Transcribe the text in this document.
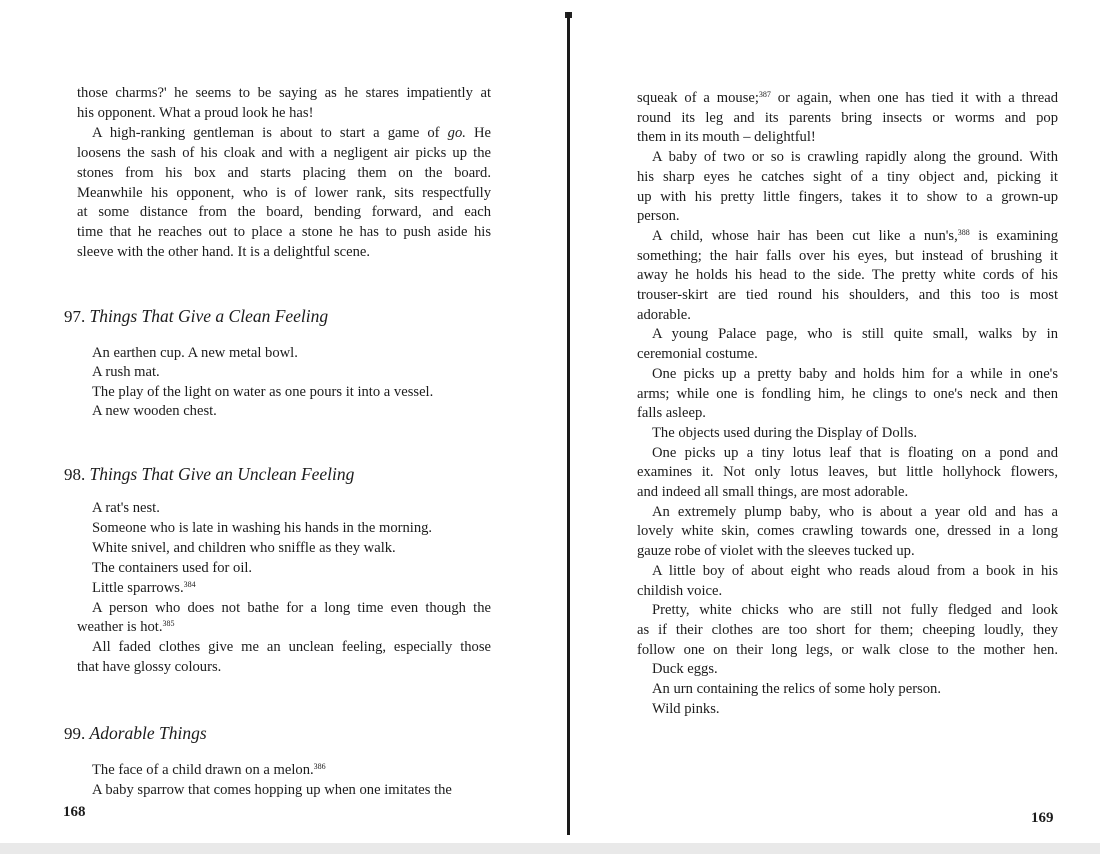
those charms?' he seems to be saying as he stares impatiently at
his opponent. What a proud look he has!
A high-ranking gentleman is about to start a game of go. He
loosens the sash of his cloak and with a negligent air picks up the
stones from his box and starts placing them on the board.
Meanwhile his opponent, who is of lower rank, sits respectfully
at some distance from the board, bending forward, and each
time that he reaches out to place a stone he has to push aside his
sleeve with the other hand. It is a delightful scene.
97. Things That Give a Clean Feeling
An earthen cup. A new metal bowl.
A rush mat.
The play of the light on water as one pours it into a vessel.
A new wooden chest.
98. Things That Give an Unclean Feeling
A rat's nest.
Someone who is late in washing his hands in the morning.
White snivel, and children who sniffle as they walk.
The containers used for oil.
Little sparrows.$^{384}$
A person who does not bathe for a long time even though the
weather is hot.$^{385}$
All faded clothes give me an unclean feeling, especially those
that have glossy colours.
99. Adorable Things
The face of a child drawn on a melon.$^{386}$
A baby sparrow that comes hopping up when one imitates the
squeak of a mouse;$^{387}$ or again, when one has tied it with a thread
round its leg and its parents bring insects or worms and pop
them in its mouth – delightful!
A baby of two or so is crawling rapidly along the ground. With
his sharp eyes he catches sight of a tiny object and, picking it
up with his pretty little fingers, takes it to show to a grown-up
person.
A child, whose hair has been cut like a nun's,$^{388}$ is examining
something; the hair falls over his eyes, but instead of brushing it
away he holds his head to the side. The pretty white cords of his
trouser-skirt are tied round his shoulders, and this too is most
adorable.
A young Palace page, who is still quite small, walks by in
ceremonial costume.
One picks up a pretty baby and holds him for a while in one's
arms; while one is fondling him, he clings to one's neck and then
falls asleep.
The objects used during the Display of Dolls.
One picks up a tiny lotus leaf that is floating on a pond and
examines it. Not only lotus leaves, but little hollyhock flowers,
and indeed all small things, are most adorable.
An extremely plump baby, who is about a year old and has a
lovely white skin, comes crawling towards one, dressed in a long
gauze robe of violet with the sleeves tucked up.
A little boy of about eight who reads aloud from a book in his
childish voice.
Pretty, white chicks who are still not fully fledged and look
as if their clothes are too short for them; cheeping loudly, they
follow one on their long legs, or walk close to the mother hen.
Duck eggs.
An urn containing the relics of some holy person.
Wild pinks.
168	169
